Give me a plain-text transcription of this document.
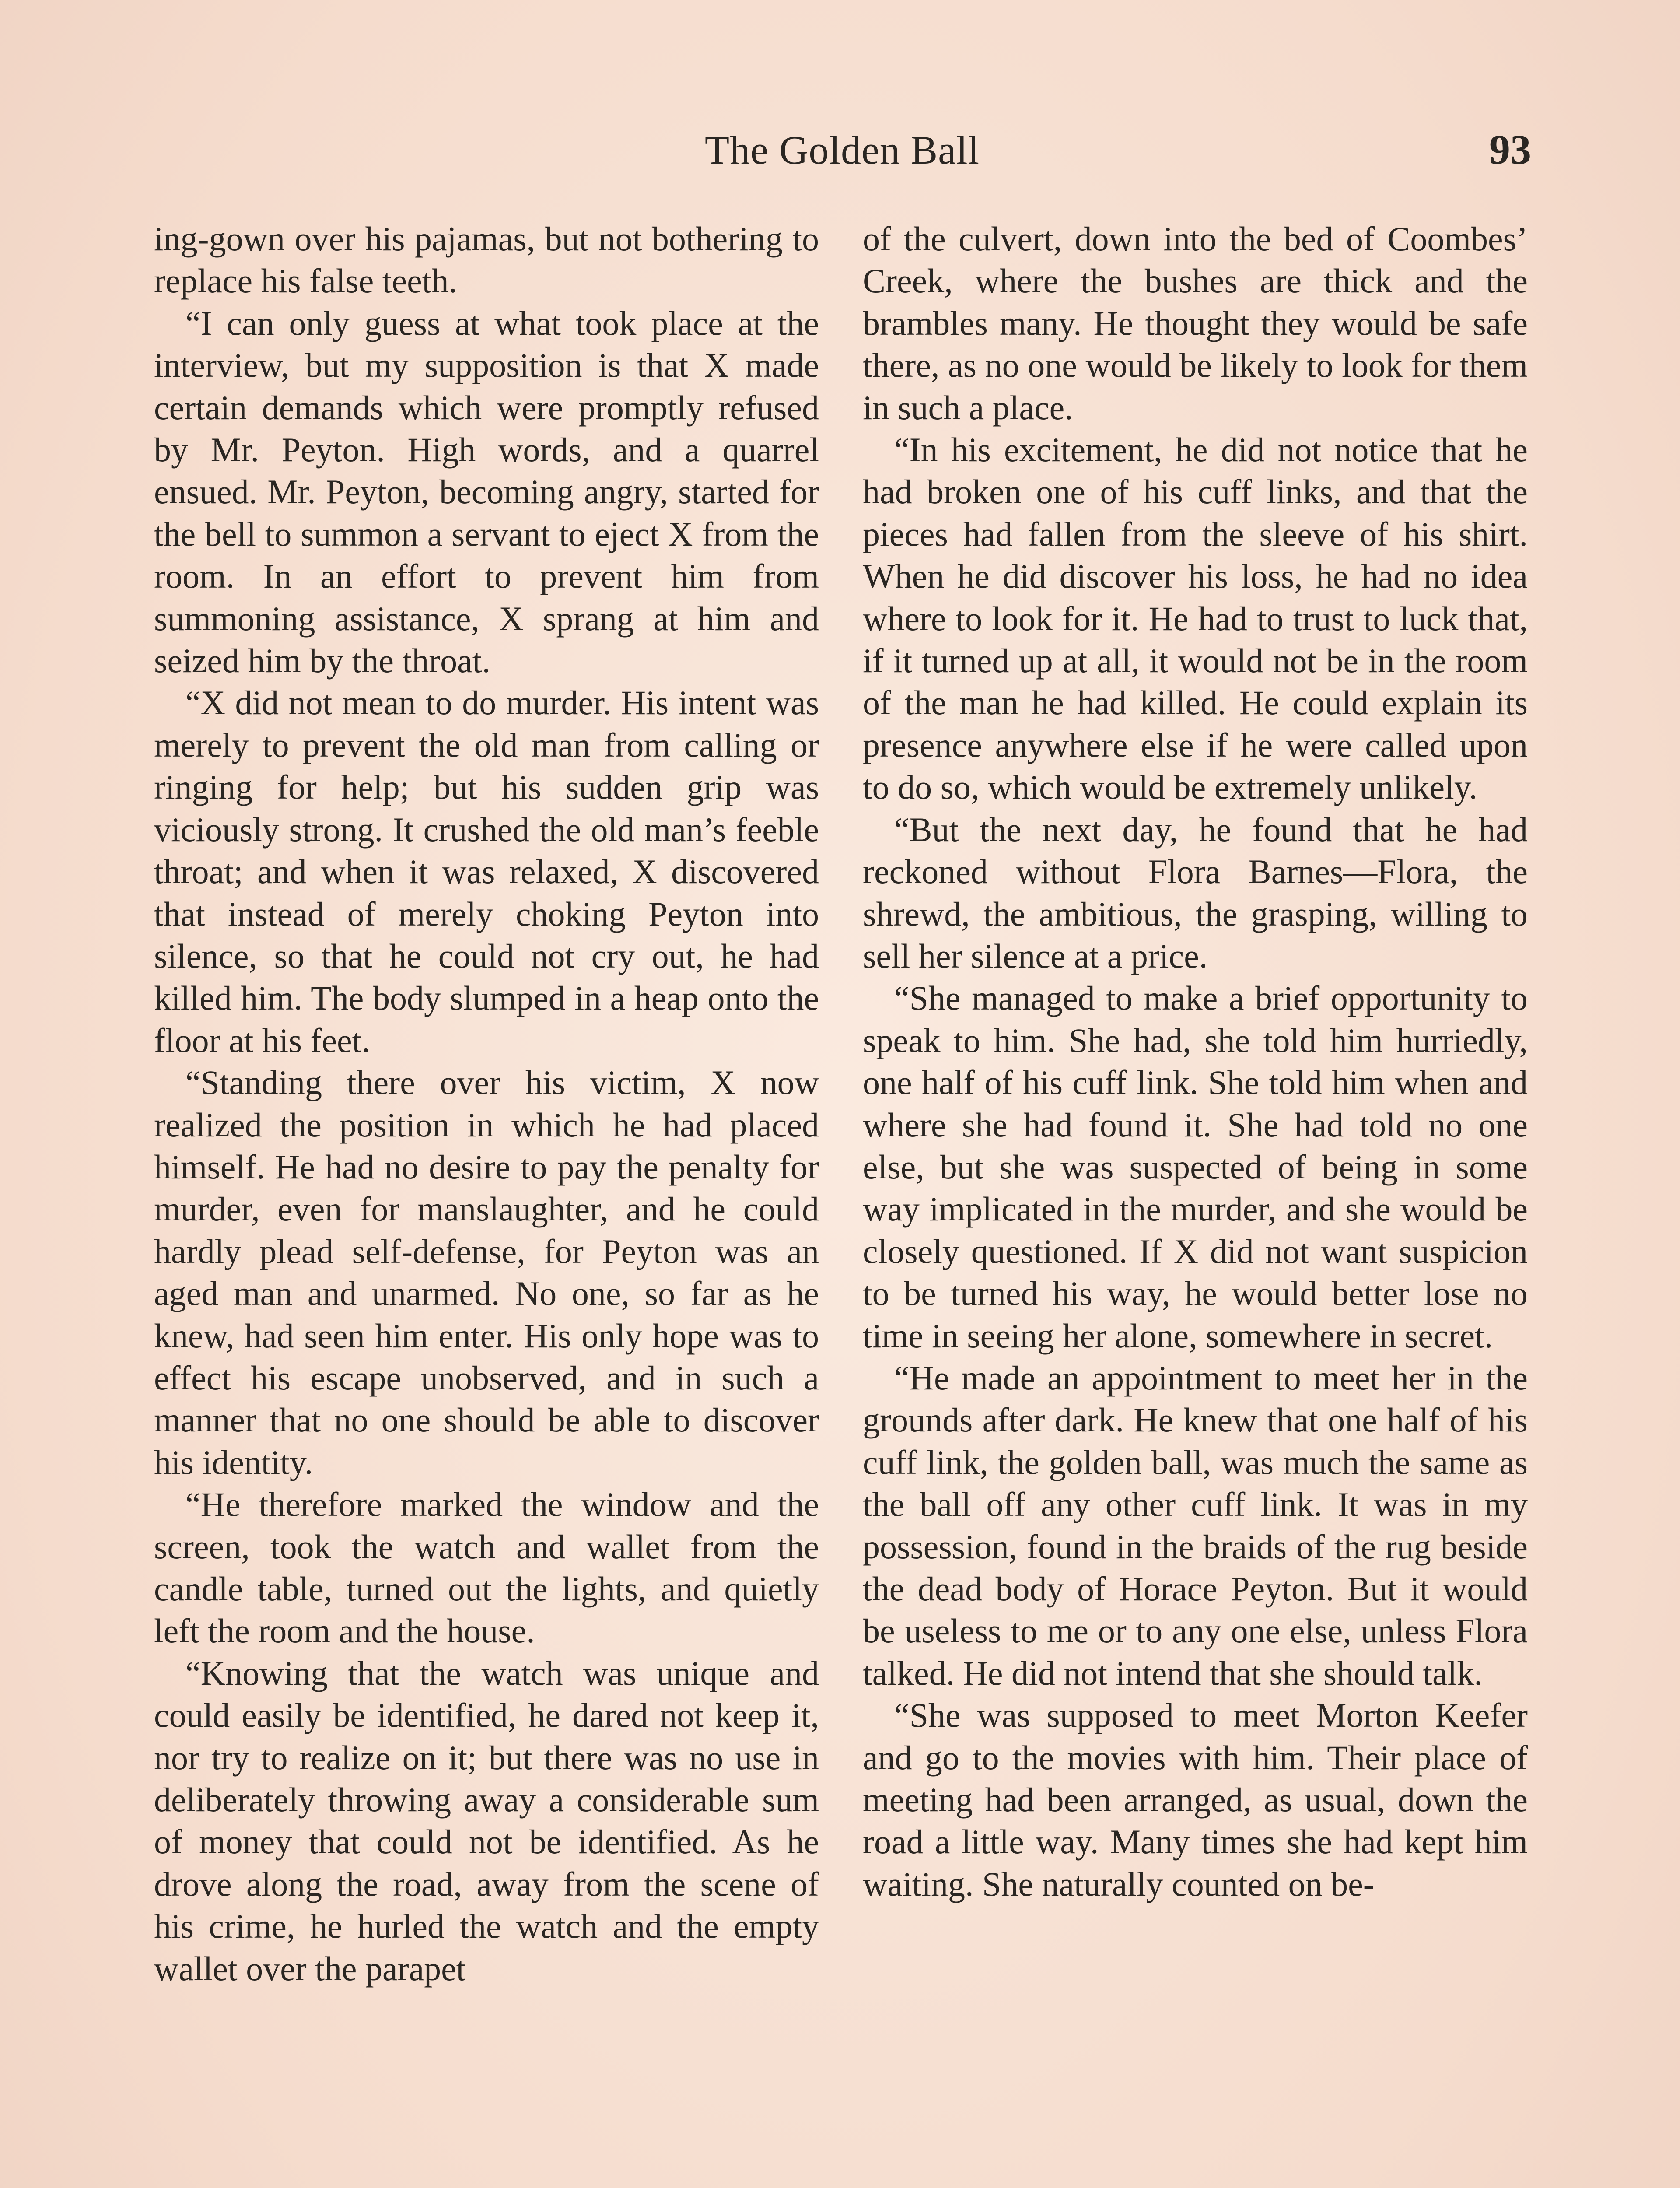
The Golden Ball	93

ing-gown over his pajamas, but not bothering to replace his false teeth.

“I can only guess at what took place at the interview, but my supposition is that X made certain demands which were promptly refused by Mr. Peyton. High words, and a quarrel ensued. Mr. Peyton, becoming angry, started for the bell to summon a servant to eject X from the room. In an effort to prevent him from summoning assistance, X sprang at him and seized him by the throat.

“X did not mean to do murder. His intent was merely to prevent the old man from calling or ringing for help; but his sudden grip was viciously strong. It crushed the old man’s feeble throat; and when it was relaxed, X discovered that instead of merely choking Peyton into silence, so that he could not cry out, he had killed him. The body slumped in a heap onto the floor at his feet.

“Standing there over his victim, X now realized the position in which he had placed himself. He had no desire to pay the penalty for murder, even for manslaughter, and he could hardly plead self-defense, for Peyton was an aged man and unarmed. No one, so far as he knew, had seen him enter. His only hope was to effect his escape unobserved, and in such a manner that no one should be able to discover his identity.

“He therefore marked the window and the screen, took the watch and wallet from the candle table, turned out the lights, and quietly left the room and the house.

“Knowing that the watch was unique and could easily be identified, he dared not keep it, nor try to realize on it; but there was no use in deliberately throwing away a considerable sum of money that could not be identified. As he drove along the road, away from the scene of his crime, he hurled the watch and the empty wallet over the parapet

of the culvert, down into the bed of Coombes’ Creek, where the bushes are thick and the brambles many. He thought they would be safe there, as no one would be likely to look for them in such a place.

“In his excitement, he did not notice that he had broken one of his cuff links, and that the pieces had fallen from the sleeve of his shirt. When he did discover his loss, he had no idea where to look for it. He had to trust to luck that, if it turned up at all, it would not be in the room of the man he had killed. He could explain its presence anywhere else if he were called upon to do so, which would be extremely unlikely.

“But the next day, he found that he had reckoned without Flora Barnes—Flora, the shrewd, the ambitious, the grasping, willing to sell her silence at a price.

“She managed to make a brief opportunity to speak to him. She had, she told him hurriedly, one half of his cuff link. She told him when and where she had found it. She had told no one else, but she was suspected of being in some way implicated in the murder, and she would be closely questioned. If X did not want suspicion to be turned his way, he would better lose no time in seeing her alone, somewhere in secret.

“He made an appointment to meet her in the grounds after dark. He knew that one half of his cuff link, the golden ball, was much the same as the ball off any other cuff link. It was in my possession, found in the braids of the rug beside the dead body of Horace Peyton. But it would be useless to me or to any one else, unless Flora talked. He did not intend that she should talk.

“She was supposed to meet Morton Keefer and go to the movies with him. Their place of meeting had been arranged, as usual, down the road a little way. Many times she had kept him waiting. She naturally counted on be-
